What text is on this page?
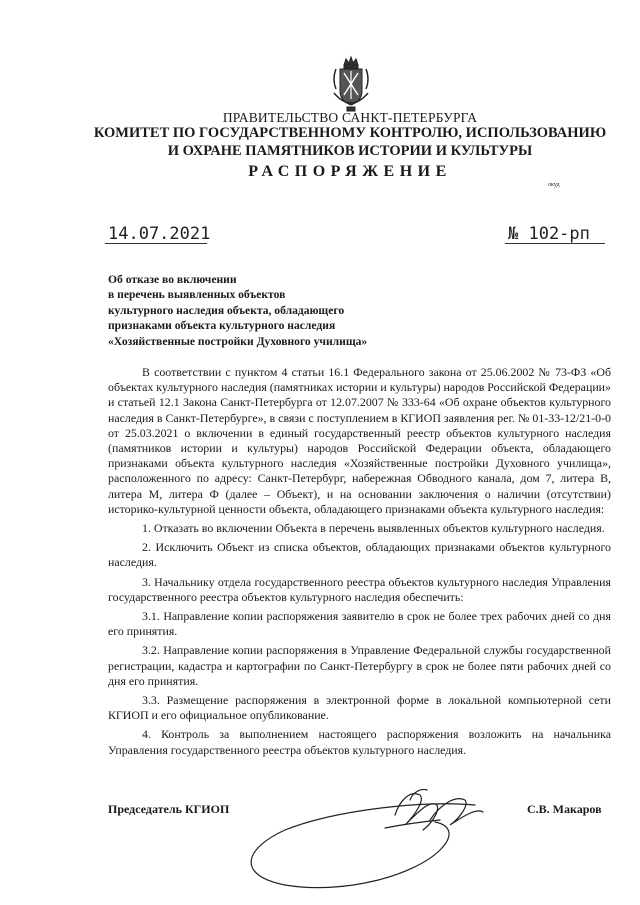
ПРАВИТЕЛЬСТВО САНКТ-ПЕТЕРБУРГА
КОМИТЕТ ПО ГОСУДАРСТВЕННОМУ КОНТРОЛЮ, ИСПОЛЬЗОВАНИЮ
И ОХРАНЕ ПАМЯТНИКОВ ИСТОРИИ И КУЛЬТУРЫ
РАСПОРЯЖЕНИЕ
окуд
14.07.2021	№ 102-рп
Об отказе во включении
в перечень выявленных объектов
культурного наследия объекта, обладающего
признаками объекта культурного наследия
«Хозяйственные постройки Духовного училища»

В соответствии с пунктом 4 статьи 16.1 Федерального закона от 25.06.2002 № 73-ФЗ «Об объектах культурного наследия (памятниках истории и культуры) народов Российской Федерации» и статьей 12.1 Закона Санкт-Петербурга от 12.07.2007 № 333-64 «Об охране объектов культурного наследия в Санкт-Петербурге», в связи с поступлением в КГИОП заявления рег. № 01-33-12/21-0-0 от 25.03.2021 о включении в единый государственный реестр объектов культурного наследия (памятников истории и культуры) народов Российской Федерации объекта, обладающего признаками объекта культурного наследия «Хозяйственные постройки Духовного училища», расположенного по адресу: Санкт-Петербург, набережная Обводного канала, дом 7, литера В, литера М, литера Ф (далее – Объект), и на основании заключения о наличии (отсутствии) историко-культурной ценности объекта, обладающего признаками объекта культурного наследия:

1. Отказать во включении Объекта в перечень выявленных объектов культурного наследия.

2. Исключить Объект из списка объектов, обладающих признаками объектов культурного наследия.

3. Начальнику отдела государственного реестра объектов культурного наследия Управления государственного реестра объектов культурного наследия обеспечить:

3.1. Направление копии распоряжения заявителю в срок не более трех рабочих дней со дня его принятия.

3.2. Направление копии распоряжения в Управление Федеральной службы государственной регистрации, кадастра и картографии по Санкт-Петербургу в срок не более пяти рабочих дней со дня его принятия.

3.3. Размещение распоряжения в электронной форме в локальной компьютерной сети КГИОП и его официальное опубликование.

4. Контроль за выполнением настоящего распоряжения возложить на начальника Управления государственного реестра объектов культурного наследия.

Председатель КГИОП	С.В. Макаров
